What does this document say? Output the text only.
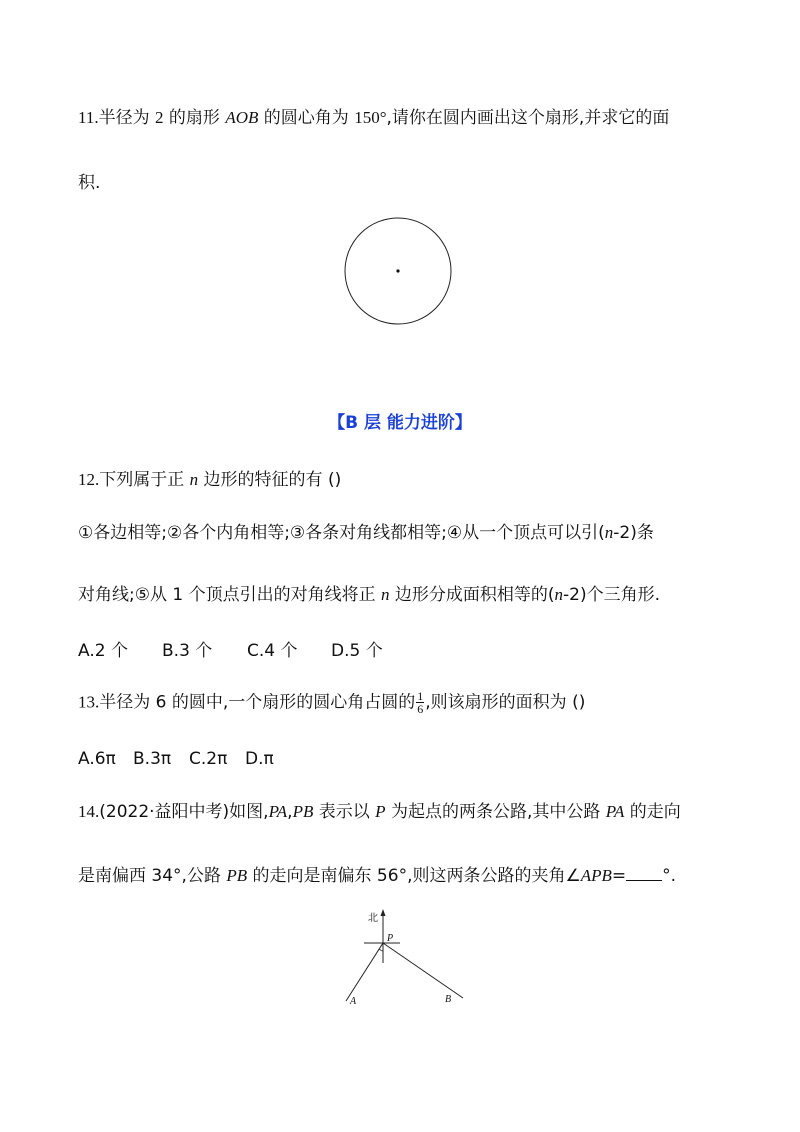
11.半径为 2 的扇形 AOB 的圆心角为 150°,请你在圆内画出这个扇形,并求它的面
积.
【B 层 能力进阶】
12.下列属于正 n 边形的特征的有 ()
①各边相等;②各个内角相等;③各条对角线都相等;④从一个顶点可以引(n-2)条
对角线;⑤从 1 个顶点引出的对角线将正 n 边形分成面积相等的(n-2)个三角形.
A.2 个 B.3 个 C.4 个 D.5 个
13.半径为 6 的圆中,一个扇形的圆心角占圆的 $\frac{1}{6}$ ,则该扇形的面积为 ()
A.6π B.3π C.2π D.π
14.(2022·益阳中考)如图,PA,PB 表示以 P 为起点的两条公路,其中公路 PA 的走向
是南偏西 34°,公路 PB 的走向是南偏东 56°,则这两条公路的夹角∠APB= °.
北
P
A	B
